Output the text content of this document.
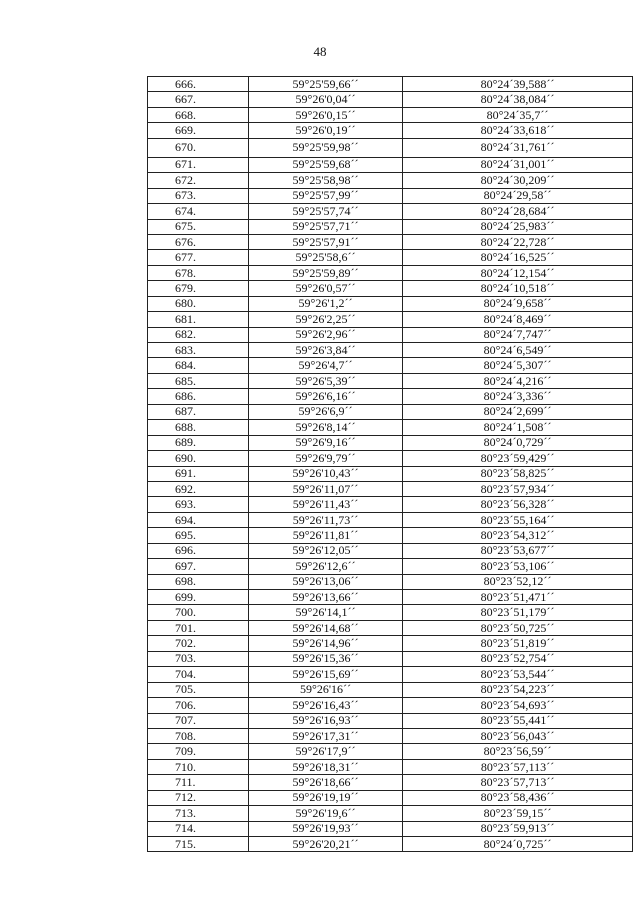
48
666.	59°25'59,66´´	80°24´39,588´´
667.	59°26'0,04´´	80°24´38,084´´
668.	59°26'0,15´´	80°24´35,7´´
669.	59°26'0,19´´	80°24´33,618´´
670.	59°25'59,98´´	80°24´31,761´´
671.	59°25'59,68´´	80°24´31,001´´
672.	59°25'58,98´´	80°24´30,209´´
673.	59°25'57,99´´	80°24´29,58´´
674.	59°25'57,74´´	80°24´28,684´´
675.	59°25'57,71´´	80°24´25,983´´
676.	59°25'57,91´´	80°24´22,728´´
677.	59°25'58,6´´	80°24´16,525´´
678.	59°25'59,89´´	80°24´12,154´´
679.	59°26'0,57´´	80°24´10,518´´
680.	59°26'1,2´´	80°24´9,658´´
681.	59°26'2,25´´	80°24´8,469´´
682.	59°26'2,96´´	80°24´7,747´´
683.	59°26'3,84´´	80°24´6,549´´
684.	59°26'4,7´´	80°24´5,307´´
685.	59°26'5,39´´	80°24´4,216´´
686.	59°26'6,16´´	80°24´3,336´´
687.	59°26'6,9´´	80°24´2,699´´
688.	59°26'8,14´´	80°24´1,508´´
689.	59°26'9,16´´	80°24´0,729´´
690.	59°26'9,79´´	80°23´59,429´´
691.	59°26'10,43´´	80°23´58,825´´
692.	59°26'11,07´´	80°23´57,934´´
693.	59°26'11,43´´	80°23´56,328´´
694.	59°26'11,73´´	80°23´55,164´´
695.	59°26'11,81´´	80°23´54,312´´
696.	59°26'12,05´´	80°23´53,677´´
697.	59°26'12,6´´	80°23´53,106´´
698.	59°26'13,06´´	80°23´52,12´´
699.	59°26'13,66´´	80°23´51,471´´
700.	59°26'14,1´´	80°23´51,179´´
701.	59°26'14,68´´	80°23´50,725´´
702.	59°26'14,96´´	80°23´51,819´´
703.	59°26'15,36´´	80°23´52,754´´
704.	59°26'15,69´´	80°23´53,544´´
705.	59°26'16´´	80°23´54,223´´
706.	59°26'16,43´´	80°23´54,693´´
707.	59°26'16,93´´	80°23´55,441´´
708.	59°26'17,31´´	80°23´56,043´´
709.	59°26'17,9´´	80°23´56,59´´
710.	59°26'18,31´´	80°23´57,113´´
711.	59°26'18,66´´	80°23´57,713´´
712.	59°26'19,19´´	80°23´58,436´´
713.	59°26'19,6´´	80°23´59,15´´
714.	59°26'19,93´´	80°23´59,913´´
715.	59°26'20,21´´	80°24´0,725´´
